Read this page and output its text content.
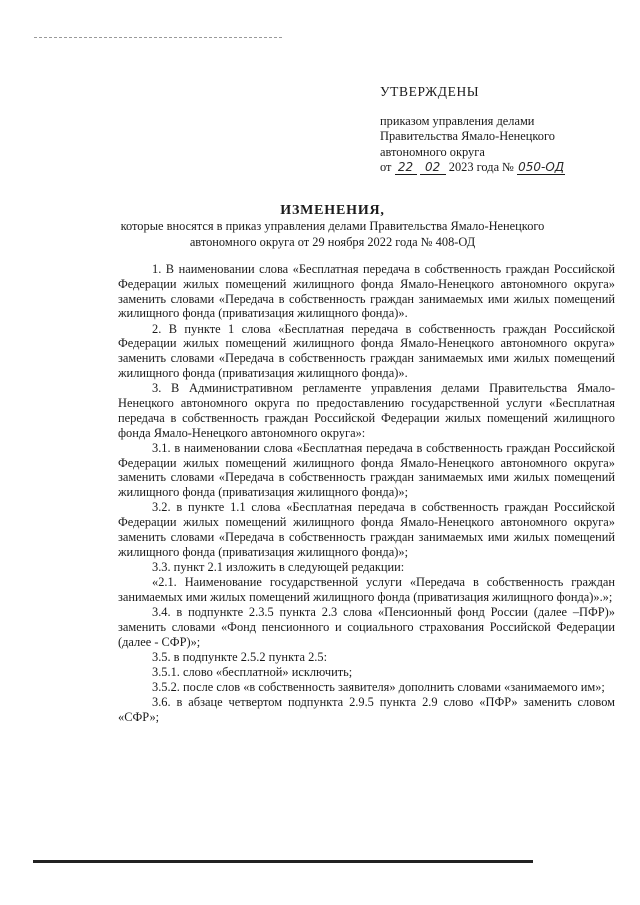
УТВЕРЖДЕНЫ
приказом управления делами
Правительства Ямало-Ненецкого
автономного округа
от 22 02 2023 года № 050-ОД
ИЗМЕНЕНИЯ,
которые вносятся в приказ управления делами Правительства Ямало-Ненецкого
автономного округа от 29 ноября 2022 года № 408-ОД

1. В наименовании слова «Бесплатная передача в собственность граждан Российской Федерации жилых помещений жилищного фонда Ямало-Ненецкого автономного округа» заменить словами «Передача в собственность граждан занимаемых ими жилых помещений жилищного фонда (приватизация жилищного фонда)».

2. В пункте 1 слова «Бесплатная передача в собственность граждан Российской Федерации жилых помещений жилищного фонда Ямало-Ненецкого автономного округа» заменить словами «Передача в собственность граждан занимаемых ими жилых помещений жилищного фонда (приватизация жилищного фонда)».

3. В Административном регламенте управления делами Правительства Ямало-Ненецкого автономного округа по предоставлению государственной услуги «Бесплатная передача в собственность граждан Российской Федерации жилых помещений жилищного фонда Ямало-Ненецкого автономного округа»:

3.1. в наименовании слова «Бесплатная передача в собственность граждан Российской Федерации жилых помещений жилищного фонда Ямало-Ненецкого автономного округа» заменить словами «Передача в собственность граждан занимаемых ими жилых помещений жилищного фонда (приватизация жилищного фонда)»;

3.2. в пункте 1.1 слова «Бесплатная передача в собственность граждан Российской Федерации жилых помещений жилищного фонда Ямало-Ненецкого автономного округа» заменить словами «Передача в собственность граждан занимаемых ими жилых помещений жилищного фонда (приватизация жилищного фонда)»;

3.3. пункт 2.1 изложить в следующей редакции:

«2.1. Наименование государственной услуги «Передача в собственность граждан занимаемых ими жилых помещений жилищного фонда (приватизация жилищного фонда)».»;

3.4. в подпункте 2.3.5 пункта 2.3 слова «Пенсионный фонд России (далее –ПФР)» заменить словами «Фонд пенсионного и социального страхования Российской Федерации (далее - СФР)»;

3.5. в подпункте 2.5.2 пункта 2.5:

3.5.1. слово «бесплатной» исключить;

3.5.2. после слов «в собственность заявителя» дополнить словами «занимаемого им»;

3.6. в абзаце четвертом подпункта 2.9.5 пункта 2.9 слово «ПФР» заменить словом «СФР»;
